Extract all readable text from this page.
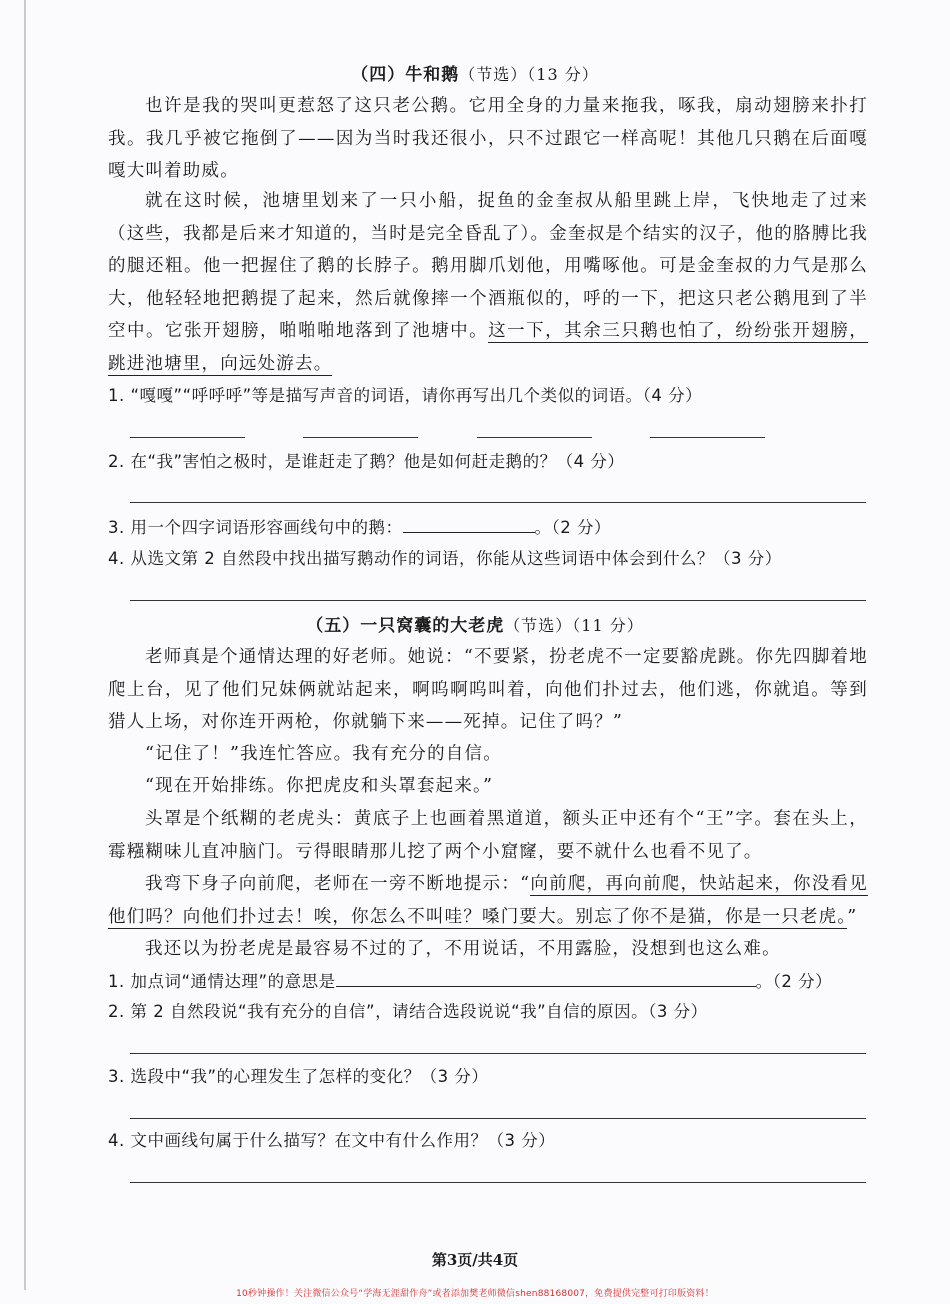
（四）牛和鹅（节选）（13 分）

也许是我的哭叫更惹怒了这只老公鹅。它用全身的力量来拖我，啄我，扇动翅膀来扑打我。我几乎被它拖倒了——因为当时我还很小，只不过跟它一样高呢！其他几只鹅在后面嘎嘎大叫着助威。

就在这时候，池塘里划来了一只小船，捉鱼的金奎叔从船里跳上岸，飞快地走了过来（这些，我都是后来才知道的，当时是完全昏乱了）。金奎叔是个结实的汉子，他的胳膊比我的腿还粗。他一把握住了鹅的长脖子。鹅用脚爪划他，用嘴啄他。可是金奎叔的力气是那么大，他轻轻地把鹅提了起来，然后就像摔一个酒瓶似的，呼的一下，把这只老公鹅甩到了半空中。它张开翅膀，啪啪啪地落到了池塘中。这一下，其余三只鹅也怕了，纷纷张开翅膀，跳进池塘里，向远处游去。

1. “嘎嘎”“呼呼呼”等是描写声音的词语，请你再写出几个类似的词语。（4 分）
2. 在“我”害怕之极时，是谁赶走了鹅？他是如何赶走鹅的？（4 分）
3. 用一个四字词语形容画线句中的鹅：	。（2 分）
4. 从选文第 2 自然段中找出描写鹅动作的词语，你能从这些词语中体会到什么？（3 分）
（五）一只窝囊的大老虎（节选）（11 分）

老师真是个通情达理的好老师。她说：“不要紧，扮老虎不一定要豁虎跳。你先四脚着地爬上台，见了他们兄妹俩就站起来，啊呜啊呜叫着，向他们扑过去，他们逃，你就追。等到猎人上场，对你连开两枪，你就躺下来——死掉。记住了吗？”

“记住了！”我连忙答应。我有充分的自信。

“现在开始排练。你把虎皮和头罩套起来。”

头罩是个纸糊的老虎头：黄底子上也画着黑道道，额头正中还有个“王”字。套在头上，霉糨糊味儿直冲脑门。亏得眼睛那儿挖了两个小窟窿，要不就什么也看不见了。

我弯下身子向前爬，老师在一旁不断地提示：“向前爬，再向前爬，快站起来，你没看见他们吗？向他们扑过去！唉，你怎么不叫哇？嗓门要大。别忘了你不是猫，你是一只老虎。”

我还以为扮老虎是最容易不过的了，不用说话，不用露脸，没想到也这么难。

1. 加点词“通情达理”的意思是	。（2 分）
2. 第 2 自然段说“我有充分的自信”，请结合选段说说“我”自信的原因。（3 分）
3. 选段中“我”的心理发生了怎样的变化？（3 分）
4. 文中画线句属于什么描写？在文中有什么作用？（3 分）
第3页/共4页
10秒钟操作！关注微信公众号“学海无涯甜作舟”或者添加樊老师微信shen88168007，免费提供完整可打印版资料！
